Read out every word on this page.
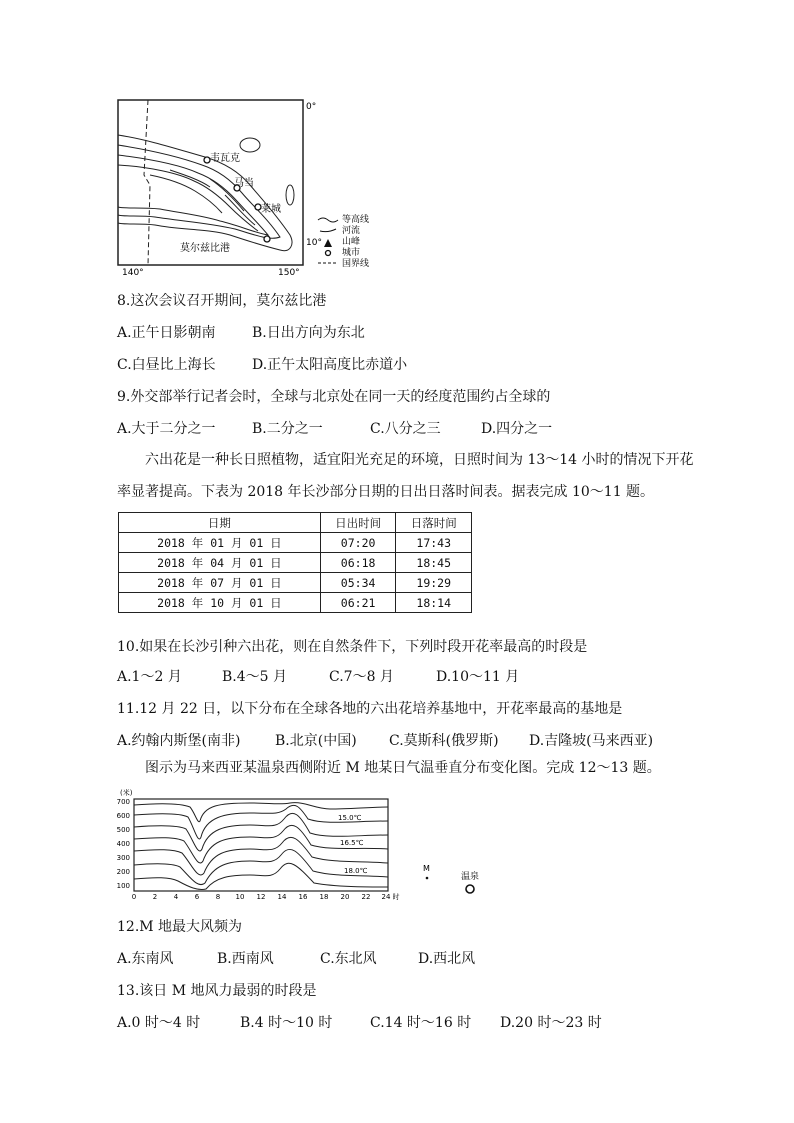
韦瓦克
马当
莱城
莫尔兹比港
0°
10°
140°	150°
等高线
河流
山峰
城市
国界线
8.这次会议召开期间，莫尔兹比港
A.正午日影朝南	B.日出方向为东北
C.白昼比上海长	D.正午太阳高度比赤道小
9.外交部举行记者会时，全球与北京处在同一天的经度范围约占全球的
A.大于二分之一	B.二分之一	C.八分之三	D.四分之一
六出花是一种长日照植物，适宜阳光充足的环境，日照时间为 13～14 小时的情况下开花
率显著提高。下表为 2018 年长沙部分日期的日出日落时间表。据表完成 10～11 题。
日期	日出时间	日落时间
2018 年 01 月 01 日	07:20	17:43
2018 年 04 月 01 日	06:18	18:45
2018 年 07 月 01 日	05:34	19:29
2018 年 10 月 01 日	06:21	18:14
10.如果在长沙引种六出花，则在自然条件下，下列时段开花率最高的时段是
A.1～2 月	B.4～5 月	C.7～8 月	D.10～11 月
11.12 月 22 日，以下分布在全球各地的六出花培养基地中，开花率最高的基地是
A.约翰内斯堡(南非) B.北京(中国) C.莫斯科(俄罗斯) D.吉隆坡(马来西亚)
图示为马来西亚某温泉西侧附近 M 地某日气温垂直分布变化图。完成 12～13 题。
(米)
700
600
500
400
300
200
100
15.0℃
16.5℃
18.0℃
0 2 4 6 8 10 12 14 16 18 20 22 24 时
M
温泉
12.M 地最大风频为
A.东南风	B.西南风	C.东北风	D.西北风
13.该日 M 地风力最弱的时段是
A.0 时～4 时	B.4 时～10 时	C.14 时～16 时 D.20 时～23 时
